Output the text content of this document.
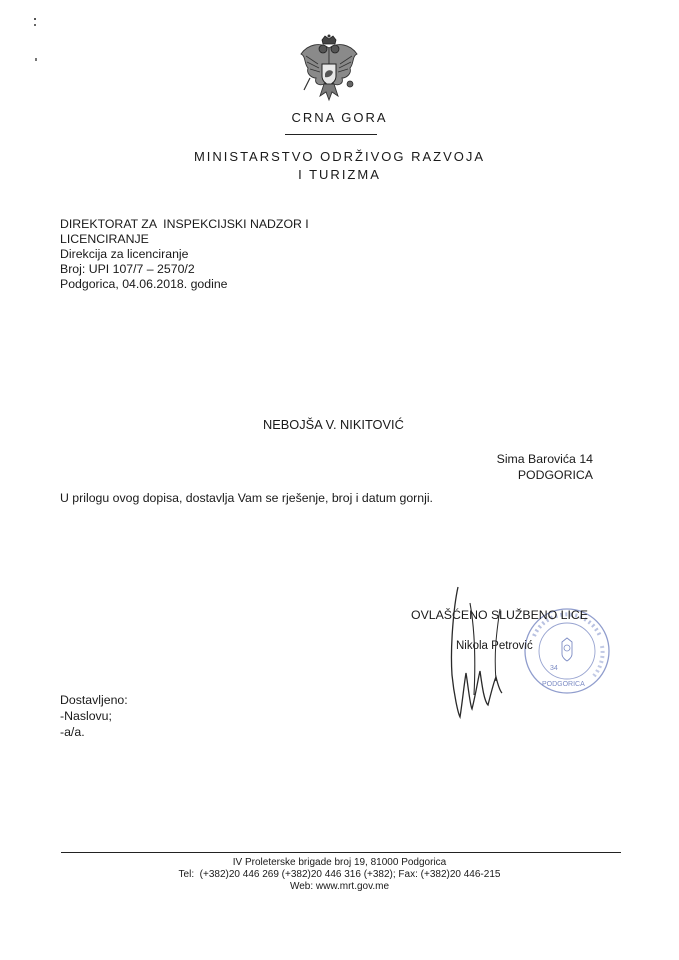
CRNA GORA
MINISTARSTVO ODRŽIVOG RAZVOJA
I TURIZMA
DIREKTORAT ZA  INSPEKCIJSKI NADZOR I
LICENCIRANJE
Direkcija za licenciranje
Broj: UPI 107/7 – 2570/2
Podgorica, 04.06.2018. godine
NEBOJŠA V. NIKITOVIĆ
Sima Barovića 14
PODGORICA
U prilogu ovog dopisa, dostavlja Vam se rješenje, broj i datum gornji.
34
PODGORICA
OVLAŠĆENO SLUŽBENO LICE
Nikola Petrović
Dostavljeno:
-Naslovu;
-a/a.
IV Proleterske brigade broj 19, 81000 Podgorica
Tel:  (+382)20 446 269 (+382)20 446 316 (+382); Fax: (+382)20 446-215
Web: www.mrt.gov.me
